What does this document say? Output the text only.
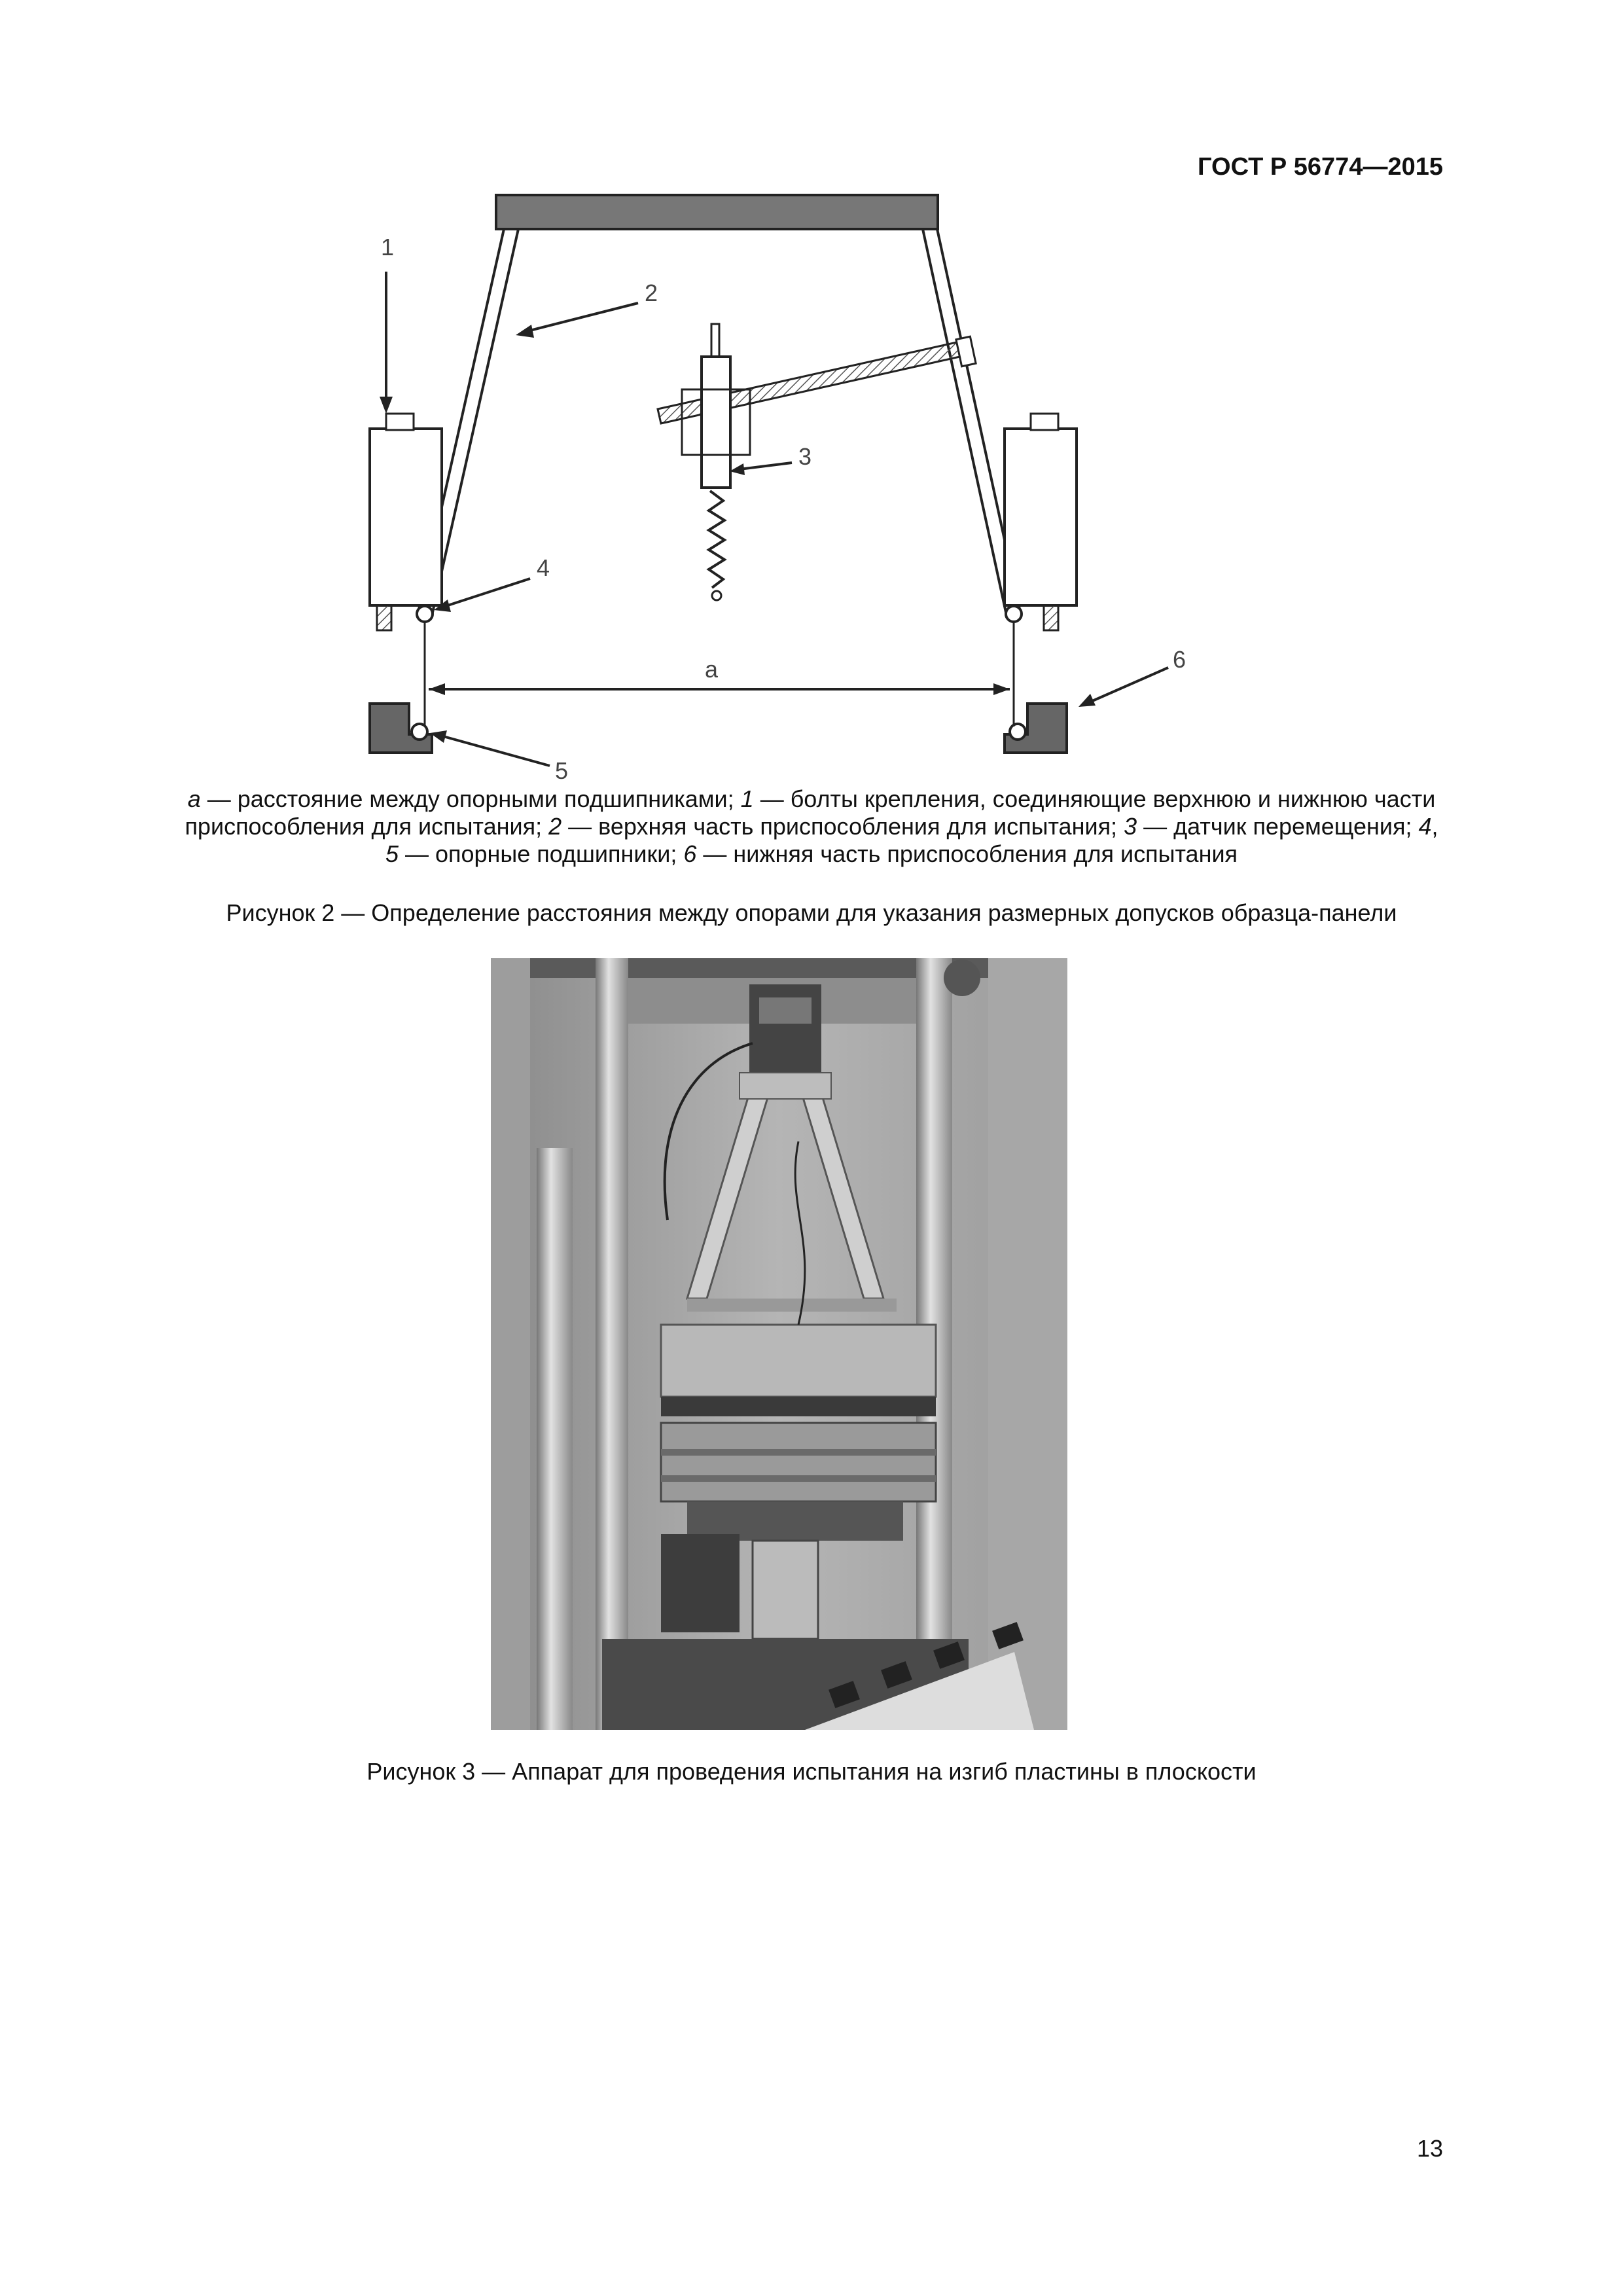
ГОСТ Р 56774—2015
1
2
3
4
5
6
а
а — расстояние между опорными подшипниками; 1 — болты крепления, соединяющие верхнюю и нижнюю части приспособления для испытания; 2 — верхняя часть приспособления для испытания; 3 — датчик перемещения; 4, 5 — опорные подшипники; 6 — нижняя часть приспособления для испытания
Рисунок 2 — Определение расстояния между опорами для указания размерных допусков образца-панели
Рисунок 3 — Аппарат для проведения испытания на изгиб пластины в плоскости
13
